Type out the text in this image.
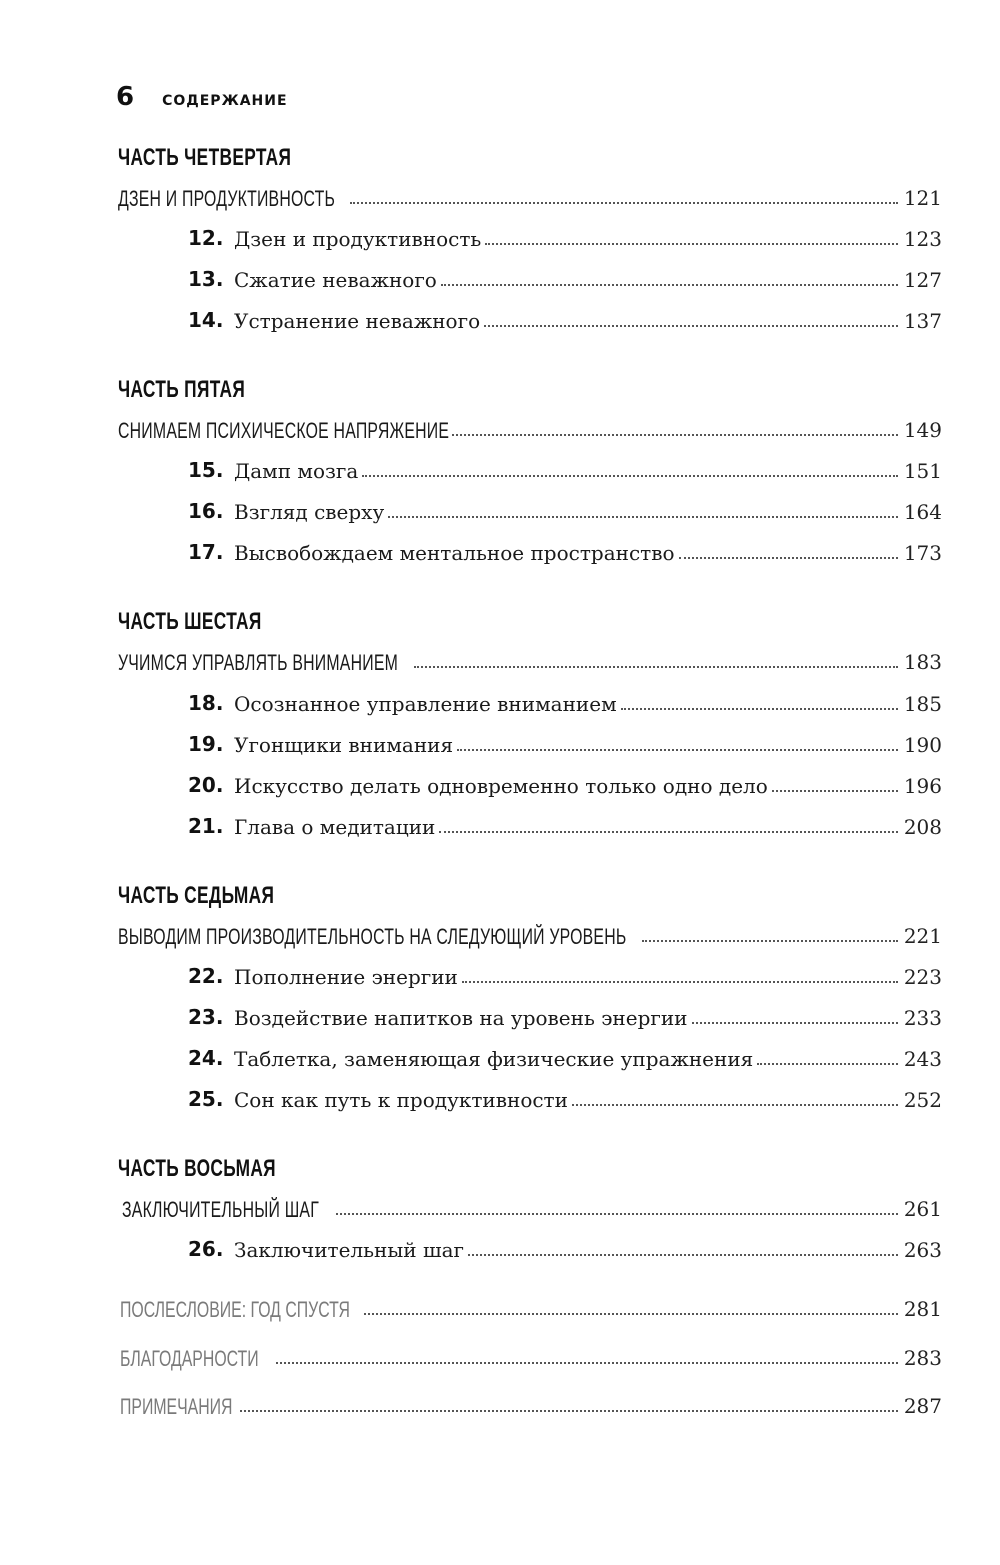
6 СОДЕРЖАНИЕ
ЧАСТЬ ЧЕТВЕРТАЯ
ДЗЕН И ПРОДУКТИВНОСТЬ	121
12. Дзен и продуктивность	123
13. Сжатие неважного	127
14. Устранение неважного	137
ЧАСТЬ ПЯТАЯ
СНИМАЕМ ПСИХИЧЕСКОЕ НАПРЯЖЕНИЕ	149
15. Дамп мозга	151
16. Взгляд сверху	164
17. Высвобождаем ментальное пространство	173
ЧАСТЬ ШЕСТАЯ
УЧИМСЯ УПРАВЛЯТЬ ВНИМАНИЕМ	183
18. Осознанное управление вниманием	185
19. Угонщики внимания	190
20. Искусство делать одновременно только одно дело	196
21. Глава о медитации	208
ЧАСТЬ СЕДЬМАЯ
ВЫВОДИМ ПРОИЗВОДИТЕЛЬНОСТЬ НА СЛЕДУЮЩИЙ УРОВЕНЬ	221
22. Пополнение энергии	223
23. Воздействие напитков на уровень энергии	233
24. Таблетка, заменяющая физические упражнения	243
25. Сон как путь к продуктивности	252
ЧАСТЬ ВОСЬМАЯ
ЗАКЛЮЧИТЕЛЬНЫЙ ШАГ	261
26. Заключительный шаг	263
ПОСЛЕСЛОВИЕ: ГОД СПУСТЯ	281
БЛАГОДАРНОСТИ	283
ПРИМЕЧАНИЯ	287
